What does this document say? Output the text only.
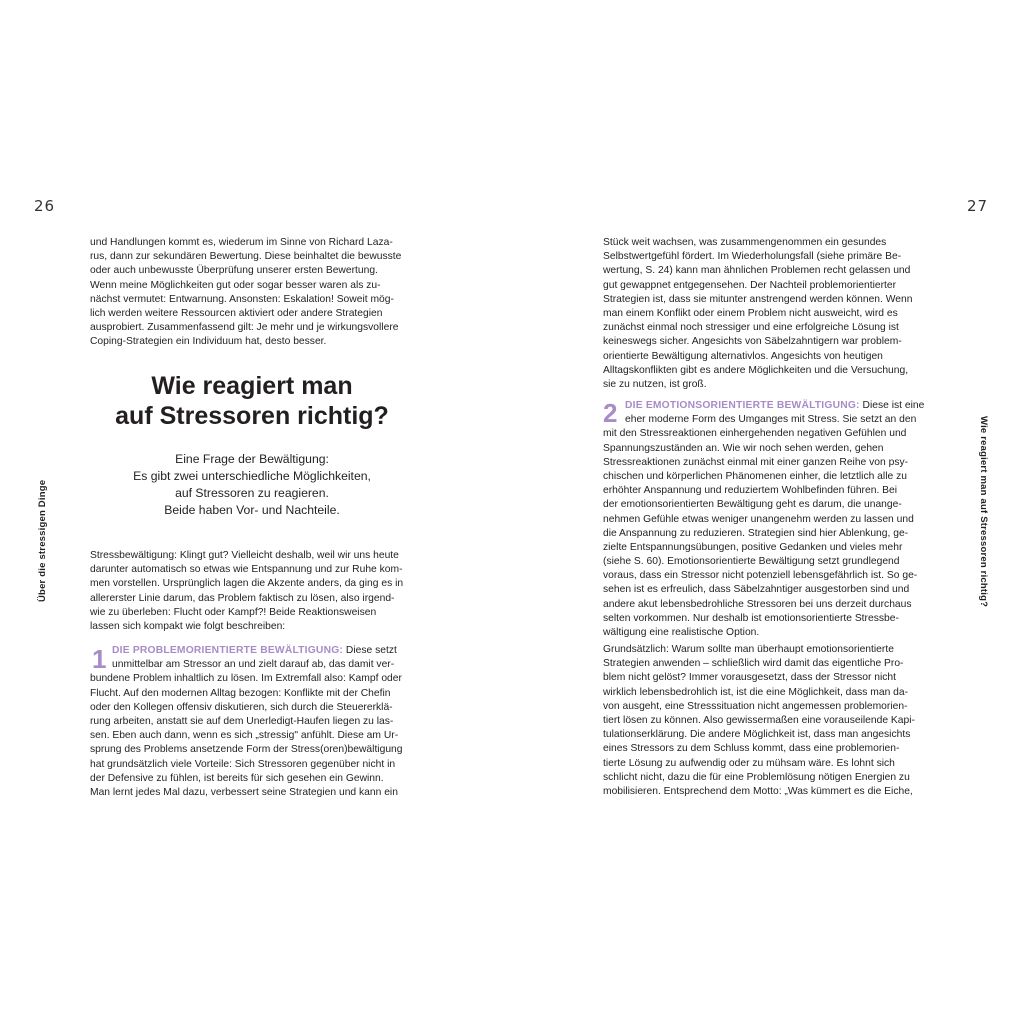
26
Über die stressigen Dinge
und Handlungen kommt es, wiederum im Sinne von Richard Laza-
rus, dann zur sekundären Bewertung. Diese beinhaltet die bewusste
oder auch unbewusste Überprüfung unserer ersten Bewertung.
Wenn meine Möglichkeiten gut oder sogar besser waren als zu-
nächst vermutet: Entwarnung. Ansonsten: Eskalation! Soweit mög-
lich werden weitere Ressourcen aktiviert oder andere Strategien
ausprobiert. Zusammenfassend gilt: Je mehr und je wirkungsvollere
Coping-Strategien ein Individuum hat, desto besser.
Wie reagiert man
auf Stressoren richtig?
Eine Frage der Bewältigung:
Es gibt zwei unterschiedliche Möglichkeiten,
auf Stressoren zu reagieren.
Beide haben Vor- und Nachteile.
Stressbewältigung: Klingt gut? Vielleicht deshalb, weil wir uns heute
darunter automatisch so etwas wie Entspannung und zur Ruhe kom-
men vorstellen. Ursprünglich lagen die Akzente anders, da ging es in
allererster Linie darum, das Problem faktisch zu lösen, also irgend-
wie zu überleben: Flucht oder Kampf?! Beide Reaktionsweisen
lassen sich kompakt wie folgt beschreiben:
1 DIE PROBLEMORIENTIERTE BEWÄLTIGUNG: Diese setzt
unmittelbar am Stressor an und zielt darauf ab, das damit ver-
bundene Problem inhaltlich zu lösen. Im Extremfall also: Kampf oder
Flucht. Auf den modernen Alltag bezogen: Konflikte mit der Chefin
oder den Kollegen offensiv diskutieren, sich durch die Steuererklä-
rung arbeiten, anstatt sie auf dem Unerledigt-Haufen liegen zu las-
sen. Eben auch dann, wenn es sich „stressig" anfühlt. Diese am Ur-
sprung des Problems ansetzende Form der Stress(oren)bewältigung
hat grundsätzlich viele Vorteile: Sich Stressoren gegenüber nicht in
der Defensive zu fühlen, ist bereits für sich gesehen ein Gewinn.
Man lernt jedes Mal dazu, verbessert seine Strategien und kann ein
27
Wie reagiert man auf Stressoren richtig?
Stück weit wachsen, was zusammengenommen ein gesundes
Selbstwertgefühl fördert. Im Wiederholungsfall (siehe primäre Be-
wertung, S. 24) kann man ähnlichen Problemen recht gelassen und
gut gewappnet entgegensehen. Der Nachteil problemorientierter
Strategien ist, dass sie mitunter anstrengend werden können. Wenn
man einem Konflikt oder einem Problem nicht ausweicht, wird es
zunächst einmal noch stressiger und eine erfolgreiche Lösung ist
keineswegs sicher. Angesichts von Säbelzahntigern war problem-
orientierte Bewältigung alternativlos. Angesichts von heutigen
Alltagskonflikten gibt es andere Möglichkeiten und die Versuchung,
sie zu nutzen, ist groß.
2 DIE EMOTIONSORIENTIERTE BEWÄLTIGUNG: Diese ist eine
eher moderne Form des Umganges mit Stress. Sie setzt an den
mit den Stressreaktionen einhergehenden negativen Gefühlen und
Spannungszuständen an. Wie wir noch sehen werden, gehen
Stressreaktionen zunächst einmal mit einer ganzen Reihe von psy-
chischen und körperlichen Phänomenen einher, die letztlich alle zu
erhöhter Anspannung und reduziertem Wohlbefinden führen. Bei
der emotionsorientierten Bewältigung geht es darum, die unange-
nehmen Gefühle etwas weniger unangenehm werden zu lassen und
die Anspannung zu reduzieren. Strategien sind hier Ablenkung, ge-
zielte Entspannungsübungen, positive Gedanken und vieles mehr
(siehe S. 60). Emotionsorientierte Bewältigung setzt grundlegend
voraus, dass ein Stressor nicht potenziell lebensgefährlich ist. So ge-
sehen ist es erfreulich, dass Säbelzahntiger ausgestorben sind und
andere akut lebensbedrohliche Stressoren bei uns derzeit durchaus
selten vorkommen. Nur deshalb ist emotionsorientierte Stressbe-
wältigung eine realistische Option.
Grundsätzlich: Warum sollte man überhaupt emotionsorientierte
Strategien anwenden – schließlich wird damit das eigentliche Pro-
blem nicht gelöst? Immer vorausgesetzt, dass der Stressor nicht
wirklich lebensbedrohlich ist, ist die eine Möglichkeit, dass man da-
von ausgeht, eine Stresssituation nicht angemessen problemorien-
tiert lösen zu können. Also gewissermaßen eine vorauseilende Kapi-
tulationserklärung. Die andere Möglichkeit ist, dass man angesichts
eines Stressors zu dem Schluss kommt, dass eine problemorien-
tierte Lösung zu aufwendig oder zu mühsam wäre. Es lohnt sich
schlicht nicht, dazu die für eine Problemlösung nötigen Energien zu
mobilisieren. Entsprechend dem Motto: „Was kümmert es die Eiche,
